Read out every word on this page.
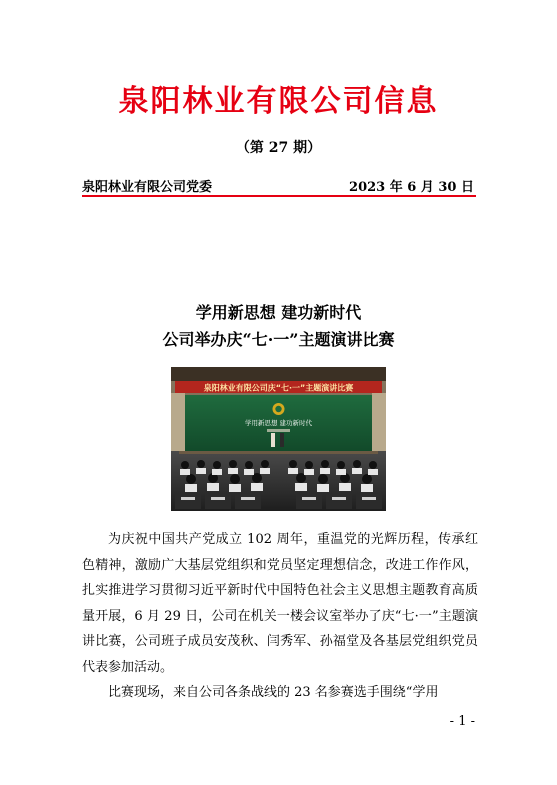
泉阳林业有限公司信息
（第 27 期）
泉阳林业有限公司党委	2023 年 6 月 30 日
学用新思想 建功新时代
公司举办庆“七·一”主题演讲比赛
泉阳林业有限公司庆“七·一”主题演讲比赛
学用新思想 建功新时代

为庆祝中国共产党成立 102 周年，重温党的光辉历程，传承红色精神，激励广大基层党组织和党员坚定理想信念，改进工作作风，扎实推进学习贯彻习近平新时代中国特色社会主义思想主题教育高质量开展，6 月 29 日，公司在机关一楼会议室举办了庆“七·一”主题演讲比赛，公司班子成员安茂秋、闫秀军、孙福堂及各基层党组织党员代表参加活动。

比赛现场，来自公司各条战线的 23 名参赛选手围绕“学用

- 1 -
